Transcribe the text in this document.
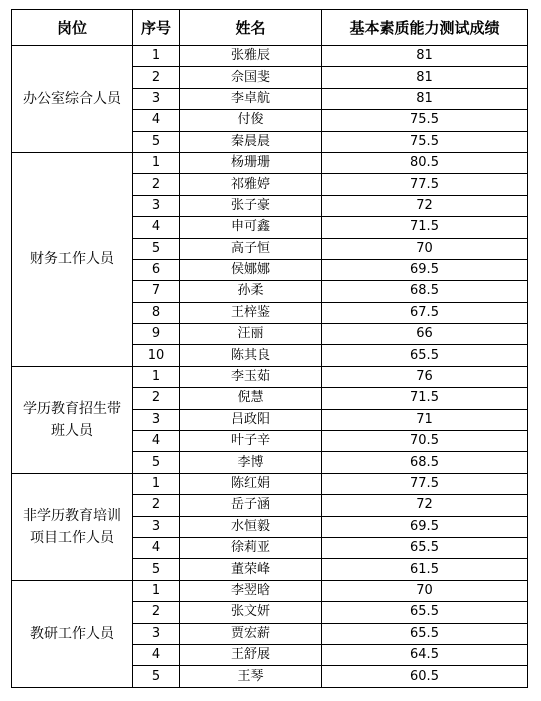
岗位	序号	姓名	基本素质能力测试成绩
办公室综合人员	1	张雅辰	81
	2	佘国斐	81
	3	李卓航	81
	4	付俊	75.5
	5	秦晨晨	75.5
财务工作人员	1	杨珊珊	80.5
	2	祁雅婷	77.5
	3	张子豪	72
	4	申可鑫	71.5
	5	高子恒	70
	6	侯娜娜	69.5
	7	孙柔	68.5
	8	王梓鉴	67.5
	9	汪丽	66
	10	陈其良	65.5
学历教育招生带班人员	1	李玉茹	76
	2	倪慧	71.5
	3	吕政阳	71
	4	叶子辛	70.5
	5	李博	68.5
非学历教育培训项目工作人员	1	陈红娟	77.5
	2	岳子涵	72
	3	水恒毅	69.5
	4	徐莉亚	65.5
	5	董荣峰	61.5
教研工作人员	1	李翌晗	70
	2	张文妍	65.5
	3	贾宏薪	65.5
	4	王舒展	64.5
	5	王琴	60.5
